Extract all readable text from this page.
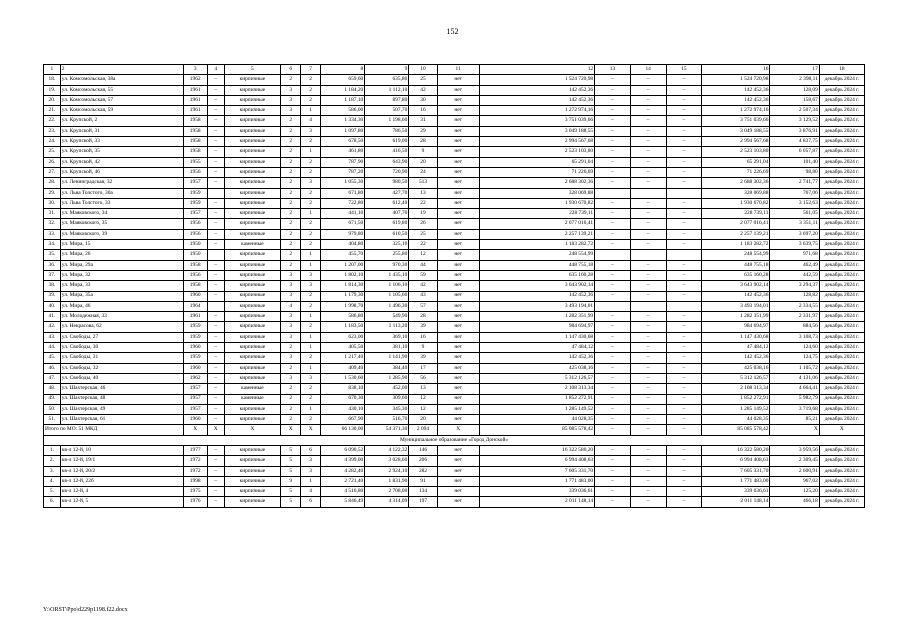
152
1	2	3	4	5	6	7	8	9	10	11	12	13	14	15	16	17	18
18.	ул. Комсомольская, 38а	1962	–	кирпичные	2	2	659,60	635,80	25	нет	1 524 720,98	–	–	–	1 524 720,98	2 398,11	декабрь 2024 г.
19.	ул. Комсомольская, 55	1961	–	кирпичные	3	2	1 184,20	1 112,10	42	нет	142 452,36	–	–	–	142 452,36	128,09	декабрь 2024 г.
20.	ул. Комсомольская, 57	1961	–	кирпичные	3	2	1 187,10	897,80	30	нет	142 452,36	–	–	–	142 452,36	158,67	декабрь 2024 г.
21.	ул. Комсомольская, 59	1961	–	кирпичные	3	1	586,00	507,70	16	нет	1 272 974,16	–	–	–	1 272 974,16	2 507,34	декабрь 2024 г.
22.	ул. Крупской, 2	1958	–	кирпичные	2	4	1 334,30	1 198,60	31	нет	3 751 039,66	–	–	–	3 751 039,66	3 129,52	декабрь 2024 г.
23.	ул. Крупской, 31	1958	–	кирпичные	2	3	1 097,80	786,50	29	нет	3 049 188,55	–	–	–	3 049 188,55	3 876,91	декабрь 2024 г.
24.	ул. Крупской, 33	1958	–	кирпичные	2	2	678,50	619,00	28	нет	2 994 567,68	–	–	–	2 994 567,68	4 837,75	декабрь 2024 г.
25.	ул. Крупской, 35	1958	–	кирпичные	2	1	461,80	416,50	9	нет	2 523 103,80	–	–	–	2 523 103,80	6 057,87	декабрь 2024 г.
26.	ул. Крупской, 42	1955	–	кирпичные	2	2	787,90	643,90	20	нет	65 291,04	–	–	–	65 291,04	101,40	декабрь 2024 г.
27.	ул. Крупской, 46	1956	–	кирпичные	2	2	787,20	720,90	24	нет	71 226,69	–	–	–	71 226,69	98,80	декабрь 2024 г.
28.	ул. Ленинградская, 32	1957	–	кирпичные	2	3	1 055,30	980,50	513	нет	2 688 302,36	–	–	–	2 688 302,36	2 741,77	декабрь 2024 г.
29.	ул. Льва Толстого, 30а	1959		кирпичные	2	2	671,80	427,70	13	нет	328 069,88				328 069,88	767,06	декабрь 2024 г.
30.	ул. Льва Толстого, 33	1959	–	кирпичные	2	2	722,80	612,40	22	нет	1 930 670,82	–	–	–	1 930 670,82	3 152,63	декабрь 2024 г.
31.	ул. Маяковского, 34	1957	–	кирпичные	2	1	441,10	407,70	19	нет	228 739,11	–	–	–	228 739,11	561,05	декабрь 2024 г.
32.	ул. Маяковского, 35	1956	–	кирпичные	2	2	671,50	619,80	26	нет	2 077 016,41	–	–	–	2 077 016,41	3 351,11	декабрь 2024 г.
33.	ул. Маяковского, 39	1956	–	кирпичные	2	2	979,80	610,50	25	нет	2 257 139,21	–	–	–	2 257 139,21	3 697,20	декабрь 2024 г.
34.	ул. Мира, 15	1950	–	каменные	2	2	404,80	325,10	22	нет	1 183 282,72	–	–	–	1 183 282,72	3 639,75	декабрь 2024 г.
35.	ул. Мира, 26	1950		кирпичные	2	1	455,70	255,80	12	нет	248 554,99				248 554,99	971,68	декабрь 2024 г.
36.	ул. Мира, 29а	1958	–	кирпичные	2	1	1 207,00	970,30	44	нет	448 755,18	–	–	–	448 755,18	462,49	декабрь 2024 г.
37.	ул. Мира, 32	1956	–	кирпичные	3	3	1 802,10	1 435,10	59	нет	635 160,28	–	–	–	635 160,28	442,59	декабрь 2024 г.
38.	ул. Мира, 33	1958	–	кирпичные	3	3	1 814,30	1 106,10	42	нет	3 643 902,14	–	–	–	3 643 902,14	3 294,37	декабрь 2024 г.
39.	ул. Мира, 35а	1960	–	кирпичные	3	2	1 179,30	1 105,60	43	нет	142 452,36	–	–	–	142 452,36	128,82	декабрь 2024 г.
40.	ул. Мира, 46	1964		кирпичные	4	2	1 998,70	1 496,30	57	нет	3 493 194,01				3 493 194,01	2 334,55	декабрь 2024 г.
41.	ул. Молодежная, 33	1961	–	кирпичные	3	1	586,80	549,90	28	нет	1 282 351,99	–	–	–	1 282 351,99	2 331,97	декабрь 2024 г.
42.	ул. Некрасова, 62	1959	–	кирпичные	3	2	1 183,50	1 113,20	39	нет	984 694,97	–	–	–	984 694,97	884,56	декабрь 2024 г.
43.	ул. Свободы, 27	1959	–	кирпичные	3	1	623,00	369,10	16	нет	1 147 430,68	–	–	–	1 147 430,68	3 108,73	декабрь 2024 г.
44.	ул. Свободы, 30	1960	–	кирпичные	2	1	405,50	381,10	9	нет	47 484,12	–	–	–	47 484,12	124,60	декабрь 2024 г.
45.	ул. Свободы, 31	1959	–	кирпичные	3	2	1 217,40	1 141,90	39	нет	142 452,36	–	–	–	142 452,36	124,75	декабрь 2024 г.
46.	ул. Свободы, 32	1960	–	кирпичные	2	1	409,40	384,40	17	нет	425 038,16	–	–	–	425 038,16	1 105,72	декабрь 2024 г.
47.	ул. Свободы, 40	1962	–	кирпичные	3	3	1 530,60	1 285,90	56	нет	5 312 126,57	–	–	–	5 312 126,57	4 131,06	декабрь 2024 г.
48.	ул. Шахтерская, 46	1957	–	каменные	2	2	838,10	452,00	13	нет	2 108 313,34	–	–	–	2 108 313,34	4 664,41	декабрь 2024 г.
49.	ул. Шахтерская, 48	1957	–	каменные	2	2	670,30	309,60	12	нет	1 852 272,91	–	–	–	1 852 272,91	5 982,79	декабрь 2024 г.
50.	ул. Шахтерская, 49	1957	–	кирпичные	2	1	430,10	345,30	12	нет	1 285 149,52	–	–	–	1 285 149,52	3 719,68	декабрь 2024 г.
51.	ул. Шахтерская, 61	1960	–	кирпичные	2	2	667,90	516,70	20	нет	44 028,35	–	–	–	44 028,35	85,21	декабрь 2024 г.
Итого по МО: 51 МКД		X	X	X	X	X	66 130,00	54 371,30	2 094	X	85 085 578,42	–	–	–	85 085 578,42	X	X
Муниципальное образование «Город Донской»																	
1.	кв-л 12-й, 10	1977	–	кирпичные	5	6	6 090,52	4 122,32	146	нет	16 322 580,20	–	–	–	16 322 580,20	3 959,56	декабрь 2024 г.
2.	кв-л 12-й, 19/1	1972	–	кирпичные	5	3	4 399,00	3 028,60	206	нет	6 994 408,63	–	–	–	6 994 408,63	2 309,45	декабрь 2024 г.
3.	кв-л 12-й, 20/2	1972	–	кирпичные	5	3	4 282,40	2 924,10	282	нет	7 605 331,70	–	–	–	7 605 331,70	2 600,91	декабрь 2024 г.
4.	кв-л 12-й, 22б	1998	–	кирпичные	9	1	2 721,40	1 831,90	91	нет	1 771 483,00	–	–	–	1 771 483,00	967,02	декабрь 2024 г.
5.	кв-л 12-й, 4	1975	–	кирпичные	5	4	4 516,80	2 708,00	134	нет	339 036,61	–	–	–	339 036,61	125,20	декабрь 2024 г.
6.	кв-л 12-й, 5	1976	–	кирпичные	5	6	5 846,49	4 314,09	197	нет	2 011 148,14	–	–	–	2 011 148,14	466,18	декабрь 2024 г.
Y:\ORST\Ppo\d229p1198.f22.docx
